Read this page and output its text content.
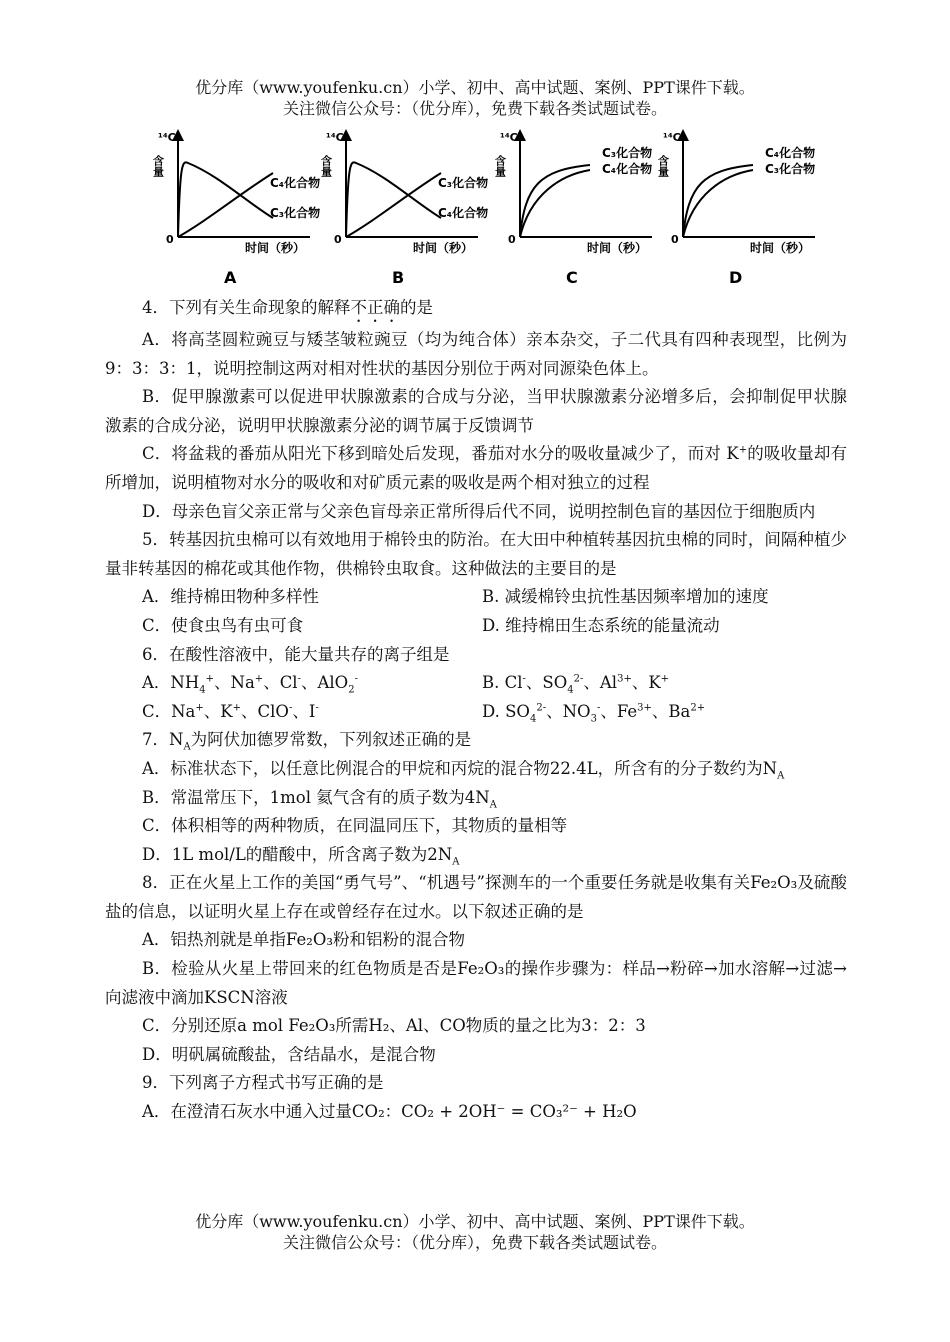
优分库（www.youfenku.cn）小学、初中、高中试题、案例、PPT课件下载。
关注微信公众号：（优分库），免费下载各类试题试卷。
¹⁴C
含量
0
时间（秒）
C₄化合物
C₃化合物
A
¹⁴C
含量
0
时间（秒）
C₃化合物
C₄化合物
B
¹⁴C
含量
0
时间（秒）
C₃化合物
C₄化合物
C
¹⁴C
含量
0
时间（秒）
C₄化合物
C₃化合物
D

4．下列有关生命现象的解释不正确的是

A．将高茎圆粒豌豆与矮茎皱粒豌豆（均为纯合体）亲本杂交，子二代具有四种表现型，比例为9：3：3：1，说明控制这两对相对性状的基因分别位于两对同源染色体上。

B．促甲腺激素可以促进甲状腺激素的合成与分泌，当甲状腺激素分泌增多后，会抑制促甲状腺激素的合成分泌，说明甲状腺激素分泌的调节属于反馈调节

C．将盆栽的番茄从阳光下移到暗处后发现，番茄对水分的吸收量减少了，而对 K+的吸收量却有所增加，说明植物对水分的吸收和对矿质元素的吸收是两个相对独立的过程

D．母亲色盲父亲正常与父亲色盲母亲正常所得后代不同，说明控制色盲的基因位于细胞质内

5．转基因抗虫棉可以有效地用于棉铃虫的防治。在大田中种植转基因抗虫棉的同时，间隔种植少量非转基因的棉花或其他作物，供棉铃虫取食。这种做法的主要目的是

A．维持棉田物种多样性	B. 减缓棉铃虫抗性基因频率增加的速度
C．使食虫鸟有虫可食	D. 维持棉田生态系统的能量流动

6．在酸性溶液中，能大量共存的离子组是

A．$NH_4^+$、Na+、Cl-、AlO$_2$-	B. Cl-、$SO_4^{2-}$、$Al^{3+}$、K+
C．Na+、K+、ClO-、I-	D. $SO_4^{2-}$、$NO_3^-$、$Fe^{3+}$、$Ba^{2+}$

7．$N_A$为阿伏加德罗常数，下列叙述正确的是

A．标准状态下，以任意比例混合的甲烷和丙烷的混合物22.4L，所含有的分子数约为$N_A$

B．常温常压下，1mol 氦气含有的质子数为$4N_A$

C．体积相等的两种物质，在同温同压下，其物质的量相等

D．1L mol/L的醋酸中，所含离子数为$2N_A$

8．正在火星上工作的美国“勇气号”、“机遇号”探测车的一个重要任务就是收集有关Fe₂O₃及硫酸盐的信息，以证明火星上存在或曾经存在过水。以下叙述正确的是

A．铝热剂就是单指Fe₂O₃粉和铝粉的混合物

B．检验从火星上带回来的红色物质是否是Fe₂O₃的操作步骤为：样品→粉碎→加水溶解→过滤→向滤液中滴加KSCN溶液

C．分别还原a mol Fe₂O₃所需H₂、Al、CO物质的量之比为3：2：3

D．明矾属硫酸盐，含结晶水，是混合物

9．下列离子方程式书写正确的是

A．在澄清石灰水中通入过量CO₂：CO₂ + 2OH⁻ = CO₃²⁻ + H₂O

优分库（www.youfenku.cn）小学、初中、高中试题、案例、PPT课件下载。
关注微信公众号：（优分库），免费下载各类试题试卷。
